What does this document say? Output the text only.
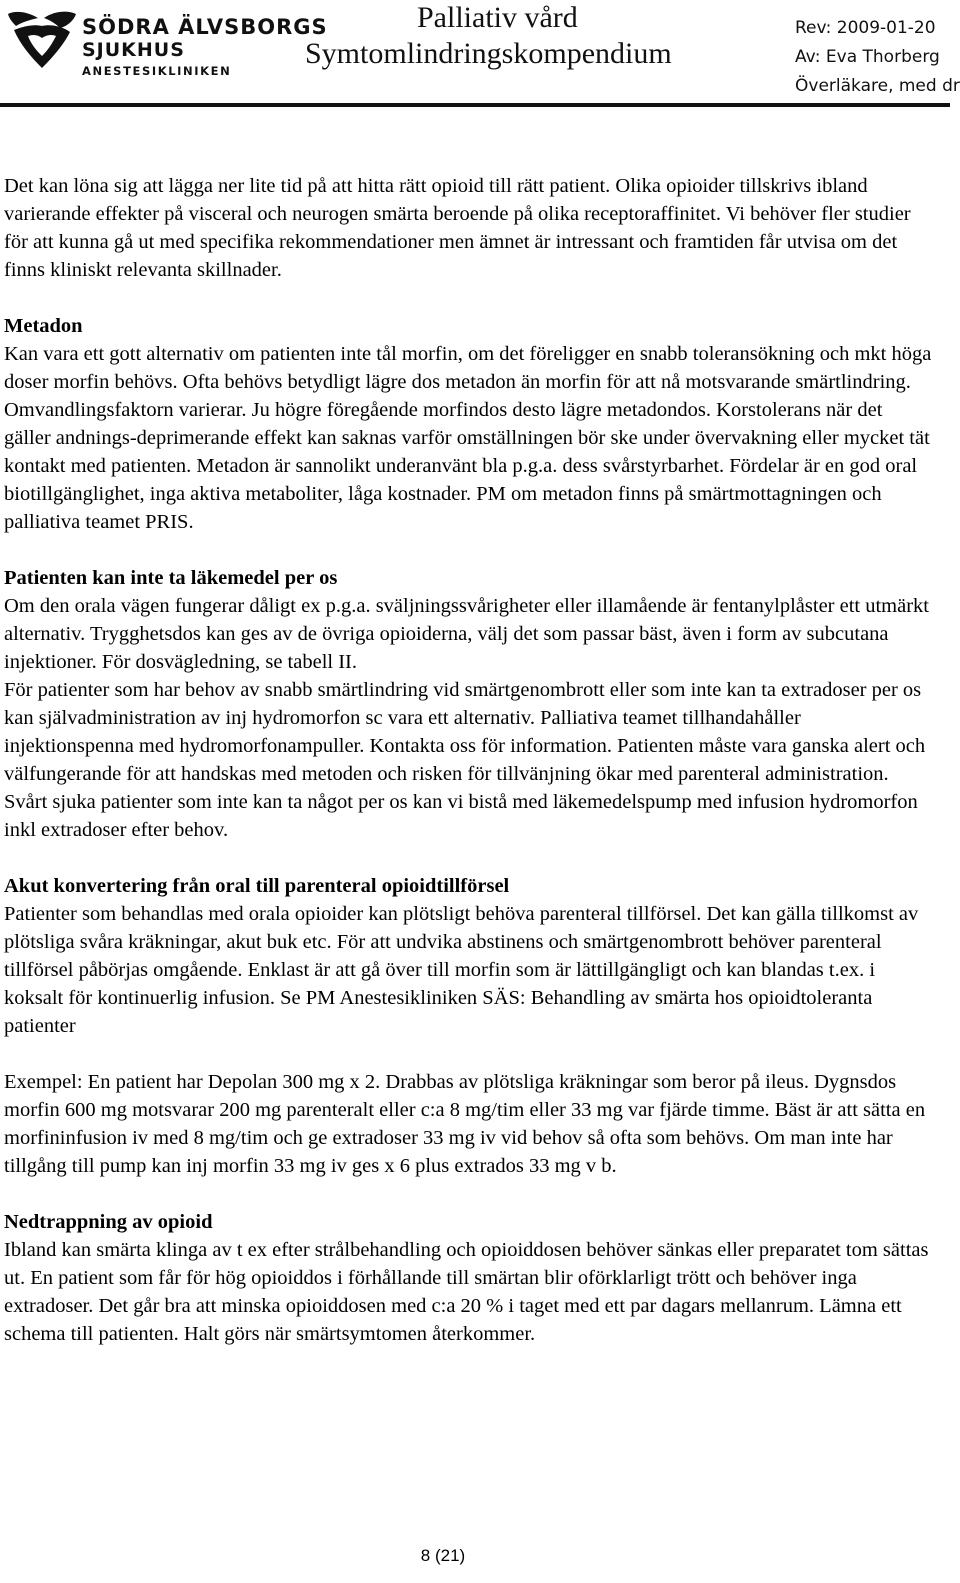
SÖDRA ÄLVSBORGS
SJUKHUS
ANESTESIKLINIKEN
Palliativ vård
Symtomlindringskompendium
Rev: 2009-01-20
Av: Eva Thorberg
Överläkare, med dr

Det kan löna sig att lägga ner lite tid på att hitta rätt opioid till rätt patient. Olika opioider tillskrivs ibland varierande effekter på visceral och neurogen smärta beroende på olika receptoraffinitet. Vi behöver fler studier för att kunna gå ut med specifika rekommendationer men ämnet är intressant och framtiden får utvisa om det finns kliniskt relevanta skillnader.

Metadon
Kan vara ett gott alternativ om patienten inte tål morfin, om det föreligger en snabb toleransökning och mkt höga doser morfin behövs. Ofta behövs betydligt lägre dos metadon än morfin för att nå motsvarande smärtlindring. Omvandlingsfaktorn varierar. Ju högre föregående morfindos desto lägre metadondos. Korstolerans när det gäller andnings-deprimerande effekt kan saknas varför omställningen bör ske under övervakning eller mycket tät kontakt med patienten. Metadon är sannolikt underanvänt bla p.g.a. dess svårstyrbarhet. Fördelar är en god oral biotillgänglighet, inga aktiva metaboliter, låga kostnader. PM om metadon finns på smärtmottagningen och palliativa teamet PRIS.

Patienten kan inte ta läkemedel per os
Om den orala vägen fungerar dåligt ex p.g.a. sväljningssvårigheter eller illamående är fentanylplåster ett utmärkt alternativ. Trygghetsdos kan ges av de övriga opioiderna, välj det som passar bäst, även i form av subcutana injektioner. För dosvägledning, se tabell II.
För patienter som har behov av snabb smärtlindring vid smärtgenombrott eller som inte kan ta extradoser per os kan självadministration av inj hydromorfon sc vara ett alternativ. Palliativa teamet tillhandahåller injektionspenna med hydromorfonampuller. Kontakta oss för information. Patienten måste vara ganska alert och välfungerande för att handskas med metoden och risken för tillvänjning ökar med parenteral administration.
Svårt sjuka patienter som inte kan ta något per os kan vi bistå med läkemedelspump med infusion hydromorfon inkl extradoser efter behov.

Akut konvertering från oral till parenteral opioidtillförsel
Patienter som behandlas med orala opioider kan plötsligt behöva parenteral tillförsel. Det kan gälla tillkomst av plötsliga svåra kräkningar, akut buk etc. För att undvika abstinens och smärtgenombrott behöver parenteral tillförsel påbörjas omgående. Enklast är att gå över till morfin som är lättillgängligt och kan blandas t.ex. i koksalt för kontinuerlig infusion. Se PM Anestesikliniken SÄS: Behandling av smärta hos opioidtoleranta patienter

Exempel: En patient har Depolan 300 mg x 2. Drabbas av plötsliga kräkningar som beror på ileus. Dygnsdos morfin 600 mg motsvarar 200 mg parenteralt eller c:a 8 mg/tim eller 33 mg var fjärde timme. Bäst är att sätta en morfininfusion iv med 8 mg/tim och ge extradoser 33 mg iv vid behov så ofta som behövs. Om man inte har tillgång till pump kan inj morfin 33 mg iv ges x 6 plus extrados 33 mg v b.

Nedtrappning av opioid
Ibland kan smärta klinga av t ex efter strålbehandling och opioiddosen behöver sänkas eller preparatet tom sättas ut. En patient som får för hög opioiddos i förhållande till smärtan blir oförklarligt trött och behöver inga extradoser. Det går bra att minska opioiddosen med c:a 20 % i taget med ett par dagars mellanrum. Lämna ett schema till patienten. Halt görs när smärtsymtomen återkommer.

8 (21)
